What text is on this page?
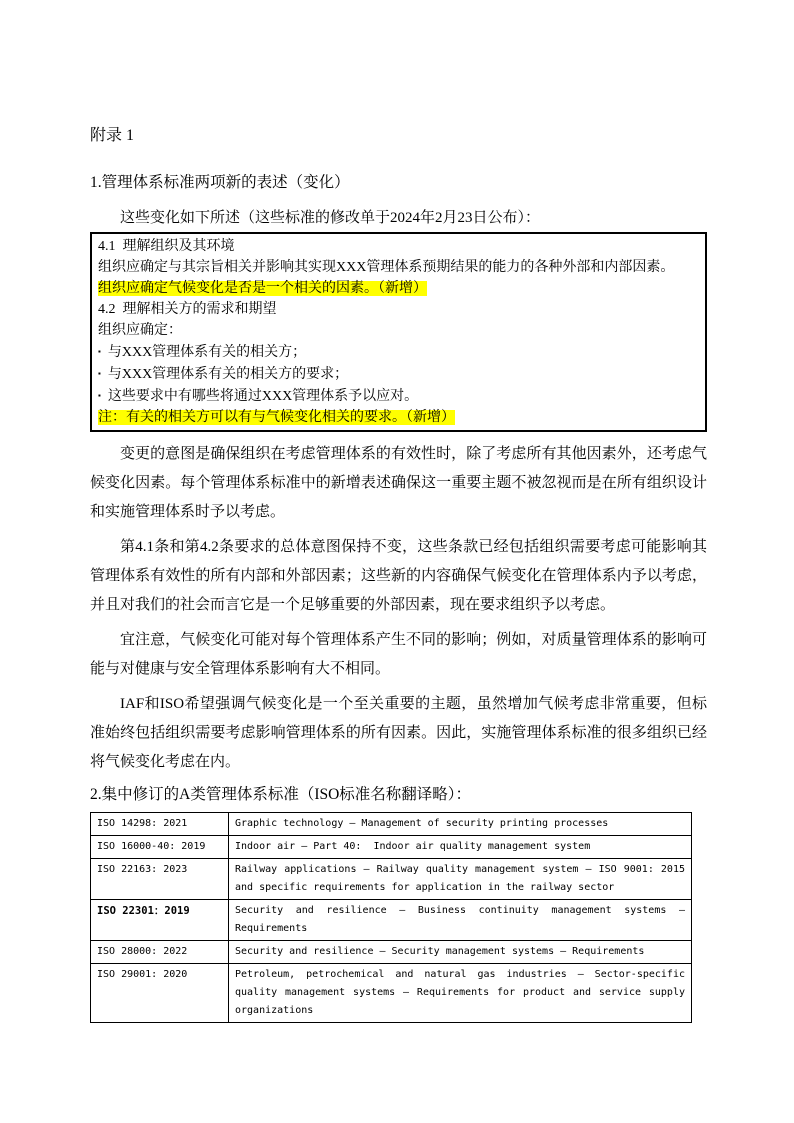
附录 1
1.管理体系标准两项新的表述（变化）

这些变化如下所述（这些标准的修改单于2024年2月23日公布）：

4.1  理解组织及其环境
组织应确定与其宗旨相关并影响其实现XXX管理体系预期结果的能力的各种外部和内部因素。
组织应确定气候变化是否是一个相关的因素。（新增）
4.2  理解相关方的需求和期望
组织应确定：
▪ 与XXX管理体系有关的相关方；
▪ 与XXX管理体系有关的相关方的要求；
▪ 这些要求中有哪些将通过XXX管理体系予以应对。
注：有关的相关方可以有与气候变化相关的要求。（新增）

变更的意图是确保组织在考虑管理体系的有效性时，除了考虑所有其他因素外，还考虑气候变化因素。每个管理体系标准中的新增表述确保这一重要主题不被忽视而是在所有组织设计和实施管理体系时予以考虑。

第4.1条和第4.2条要求的总体意图保持不变，这些条款已经包括组织需要考虑可能影响其管理体系有效性的所有内部和外部因素；这些新的内容确保气候变化在管理体系内予以考虑，并且对我们的社会而言它是一个足够重要的外部因素，现在要求组织予以考虑。

宜注意，气候变化可能对每个管理体系产生不同的影响；例如，对质量管理体系的影响可能与对健康与安全管理体系影响有大不相同。

IAF和ISO希望强调气候变化是一个至关重要的主题，虽然增加气候考虑非常重要，但标准始终包括组织需要考虑影响管理体系的所有因素。因此，实施管理体系标准的很多组织已经将气候变化考虑在内。

2.集中修订的A类管理体系标准（ISO标准名称翻译略）：
ISO 14298: 2021	Graphic technology — Management of security printing processes
ISO 16000-40: 2019	Indoor air — Part 40:  Indoor air quality management system
ISO 22163: 2023	Railway applications — Railway quality management system — ISO 9001: 2015 and specific requirements for application in the railway sector
ISO 22301：2019	Security and resilience — Business continuity management systems — Requirements
ISO 28000: 2022	Security and resilience — Security management systems — Requirements
ISO 29001: 2020	Petroleum, petrochemical and natural gas industries — Sector-specific quality management systems — Requirements for product and service supply organizations
